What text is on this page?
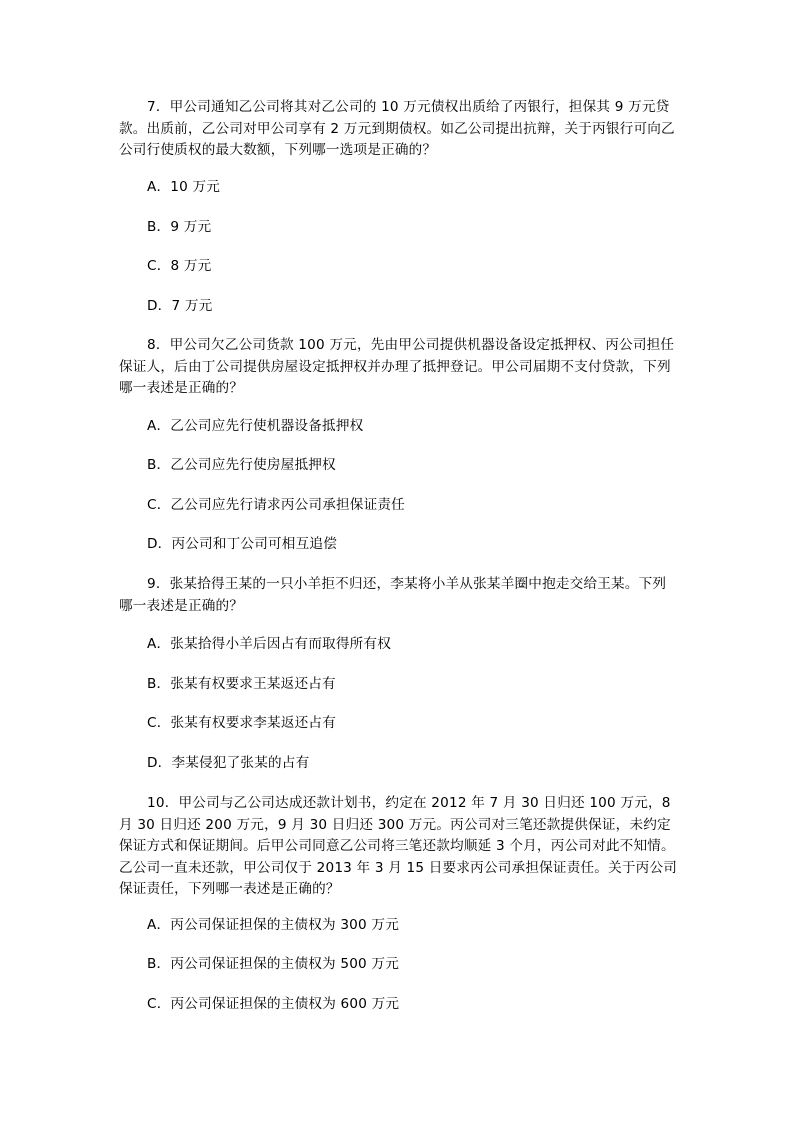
7．甲公司通知乙公司将其对乙公司的 10 万元债权出质给了丙银行，担保其 9 万元贷款。出质前，乙公司对甲公司享有 2 万元到期债权。如乙公司提出抗辩，关于丙银行可向乙公司行使质权的最大数额，下列哪一选项是正确的？

A．10 万元

B．9 万元

C．8 万元

D．7 万元

8．甲公司欠乙公司货款 100 万元，先由甲公司提供机器设备设定抵押权、丙公司担任保证人，后由丁公司提供房屋设定抵押权并办理了抵押登记。甲公司届期不支付贷款，下列哪一表述是正确的？

A．乙公司应先行使机器设备抵押权

B．乙公司应先行使房屋抵押权

C．乙公司应先行请求丙公司承担保证责任

D．丙公司和丁公司可相互追偿

9．张某拾得王某的一只小羊拒不归还，李某将小羊从张某羊圈中抱走交给王某。下列哪一表述是正确的？

A．张某拾得小羊后因占有而取得所有权

B．张某有权要求王某返还占有

C．张某有权要求李某返还占有

D．李某侵犯了张某的占有

10．甲公司与乙公司达成还款计划书，约定在 2012 年 7 月 30 日归还 100 万元，8 月 30 日归还 200 万元，9 月 30 日归还 300 万元。丙公司对三笔还款提供保证，未约定保证方式和保证期间。后甲公司同意乙公司将三笔还款均顺延 3 个月，丙公司对此不知情。乙公司一直未还款，甲公司仅于 2013 年 3 月 15 日要求丙公司承担保证责任。关于丙公司保证责任，下列哪一表述是正确的？

A．丙公司保证担保的主债权为 300 万元

B．丙公司保证担保的主债权为 500 万元

C．丙公司保证担保的主债权为 600 万元
